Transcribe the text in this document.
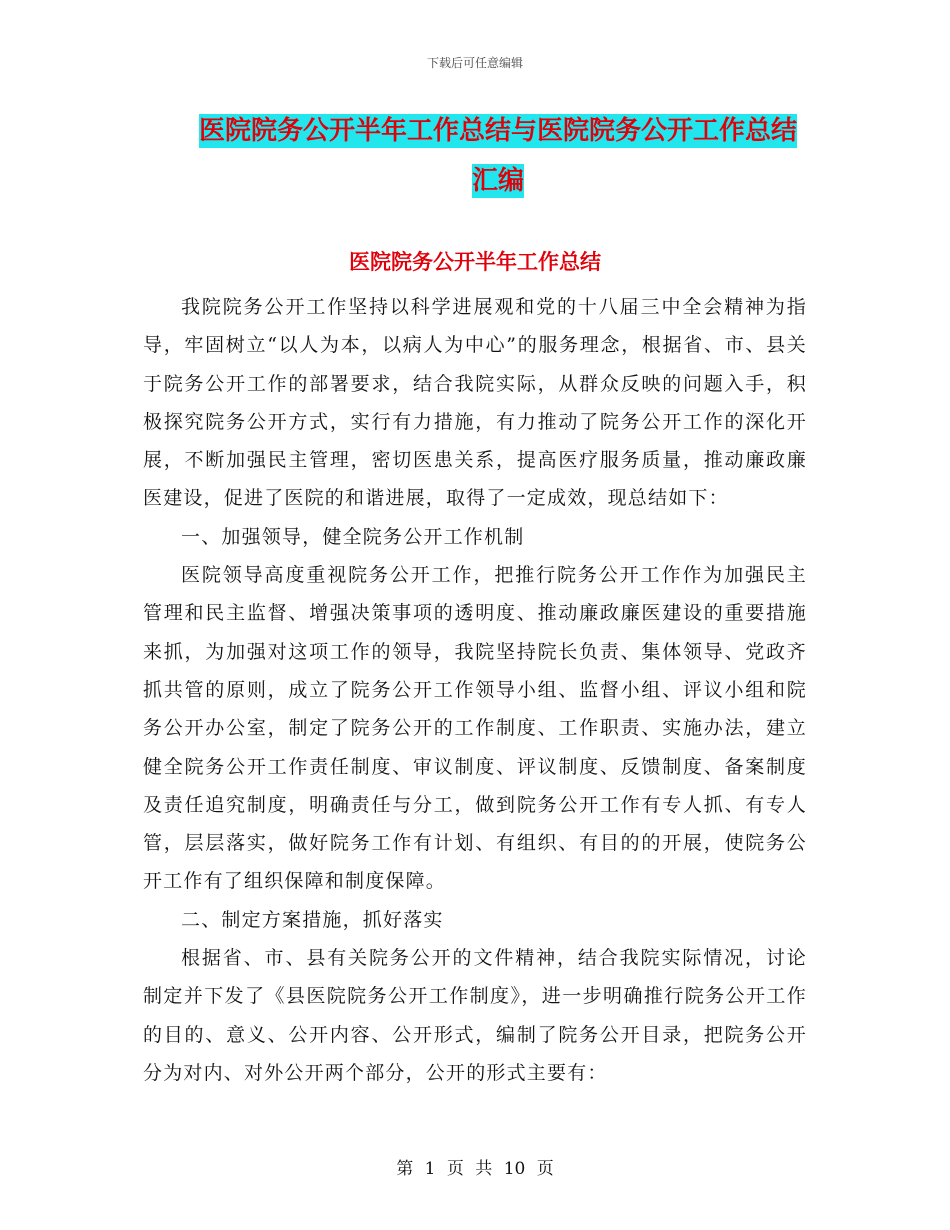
下载后可任意编辑
医院院务公开半年工作总结与医院院务公开工作总结
汇编
医院院务公开半年工作总结

我院院务公开工作坚持以科学进展观和党的十八届三中全会精神为指导，牢固树立“以人为本，以病人为中心”的服务理念，根据省、市、县关于院务公开工作的部署要求，结合我院实际，从群众反映的问题入手，积极探究院务公开方式，实行有力措施，有力推动了院务公开工作的深化开展，不断加强民主管理，密切医患关系，提高医疗服务质量，推动廉政廉医建设，促进了医院的和谐进展，取得了一定成效，现总结如下：

一、加强领导，健全院务公开工作机制

医院领导高度重视院务公开工作，把推行院务公开工作作为加强民主管理和民主监督、增强决策事项的透明度、推动廉政廉医建设的重要措施来抓，为加强对这项工作的领导，我院坚持院长负责、集体领导、党政齐抓共管的原则，成立了院务公开工作领导小组、监督小组、评议小组和院务公开办公室，制定了院务公开的工作制度、工作职责、实施办法，建立健全院务公开工作责任制度、审议制度、评议制度、反馈制度、备案制度及责任追究制度，明确责任与分工，做到院务公开工作有专人抓、有专人管，层层落实，做好院务工作有计划、有组织、有目的的开展，使院务公开工作有了组织保障和制度保障。

二、制定方案措施，抓好落实

根据省、市、县有关院务公开的文件精神，结合我院实际情况，讨论制定并下发了《县医院院务公开工作制度》，进一步明确推行院务公开工作的目的、意义、公开内容、公开形式，编制了院务公开目录，把院务公开分为对内、对外公开两个部分，公开的形式主要有：

第 1 页 共 10 页
